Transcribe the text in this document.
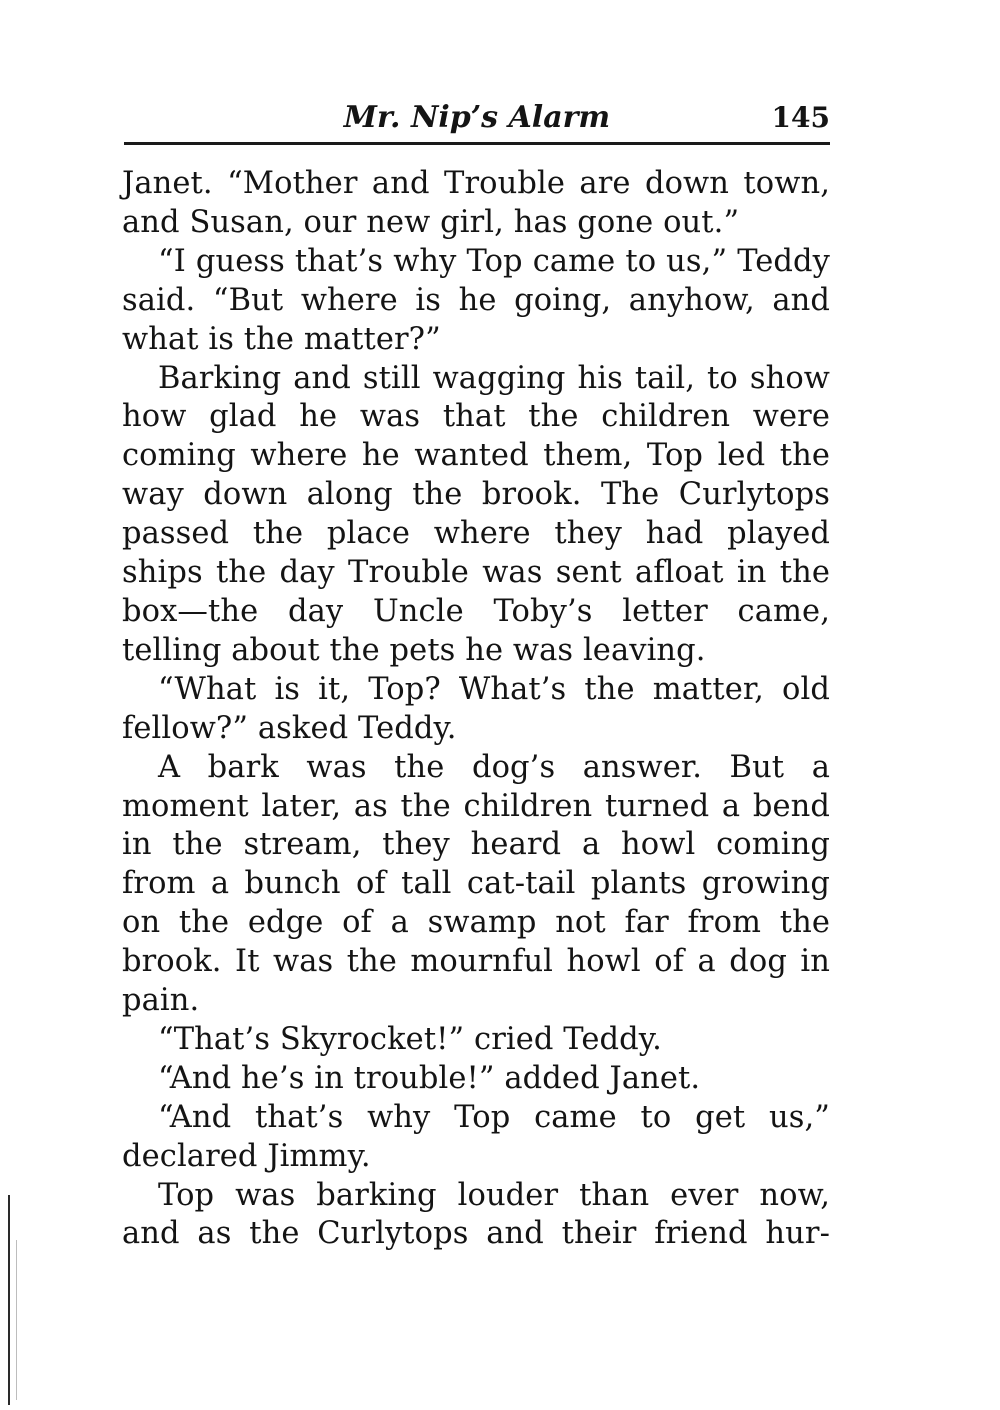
Mr. Nip’s Alarm	145

Janet. “Mother and Trouble are down town, and Susan, our new girl, has gone out.”

“I guess that’s why Top came to us,” Teddy said. “But where is he going, anyhow, and what is the matter?”

Barking and still wagging his tail, to show how glad he was that the children were coming where he wanted them, Top led the way down along the brook. The Curlytops passed the place where they had played ships the day Trouble was sent afloat in the box—the day Uncle Toby’s letter came, telling about the pets he was leaving.

“What is it, Top? What’s the matter, old fellow?” asked Teddy.

A bark was the dog’s answer. But a moment later, as the children turned a bend in the stream, they heard a howl coming from a bunch of tall cat-tail plants growing on the edge of a swamp not far from the brook. It was the mournful howl of a dog in pain.

“That’s Skyrocket!” cried Teddy.

“And he’s in trouble!” added Janet.

“And that’s why Top came to get us,” declared Jimmy.

Top was barking louder than ever now, and as the Curlytops and their friend hur-
